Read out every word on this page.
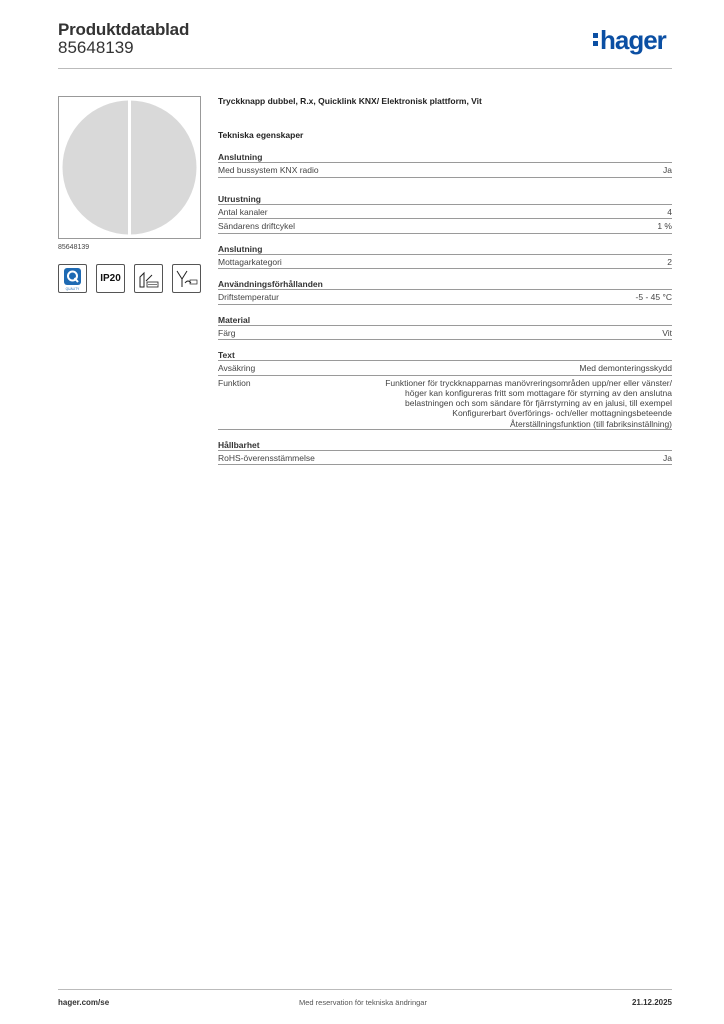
Produktdatablad
85648139	hager
85648139
QUALITY
IP20
Tryckknapp dubbel, R.x, Quicklink KNX/ Elektronisk plattform, Vit
Tekniska egenskaper
Anslutning
Med bussystem KNX radio	Ja
Utrustning
Antal kanaler	4
Sändarens driftcykel	1 %
Anslutning
Mottagarkategori	2
Användningsförhållanden
Driftstemperatur	-5 - 45 °C
Material
Färg	Vit
Text
Avsäkring	Med demonteringsskydd
Funktion	Funktioner för tryckknapparnas manövreringsområden upp/ner eller vänster/
höger kan konfigureras fritt som mottagare för styrning av den anslutna
belastningen och som sändare för fjärrstyrning av en jalusi, till exempel
Konfigurerbart överförings- och/eller mottagningsbeteende
Återställningsfunktion (till fabriksinställning)
Hållbarhet
RoHS-överensstämmelse	Ja
hager.com/se	Med reservation för tekniska ändringar	21.12.2025
